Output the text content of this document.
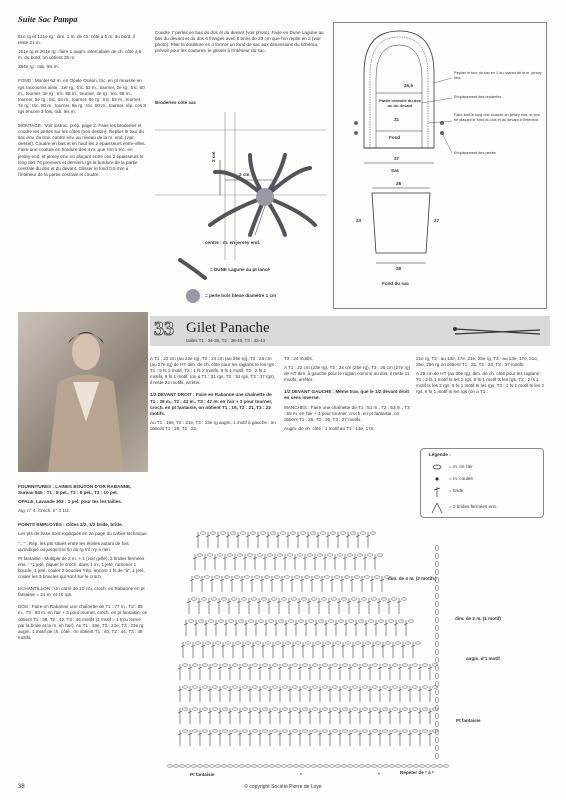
Suite Sac Pampa

81e rg et 121e rg : dim. 1 m. de ch. côté à 5 m. du bord, il reste 21 m.

161e rg et 201e rg : faire 1 augm. intercalaire de ch. côté à 5 m. du bord, on obtient 25 m.

284e rg : rab. les m.

FOND : Monter 62 m. en Opale Océan, tric. en pt mousse en rgs raccourcis ainsi : 1er rg : tric. 62 m., tourner, 2e rg : tric. 60 m., tourner, 3e rg : tric. 58 m., tourner, 4e rg : tric. 56 m., tourner, 5e rg : tric. 54 m., tourner, 6e rg : tric. 52 m., tourner, 7e rg : tric. 50 m., tourner, 8e rg : tric. 50 m., tourner, rép. ces 8 rgs encore 3 fois, rab. les m.

MONTAGE : Voir instruc. prép. page 2. Faire les broderies et coudre les perles sur les côtés (voir dessin). Replier le tour du sac env. du trav. contre env. au niveau de la m. end. (voir dessin). Coudre en bas et en haut les 2 épaisseurs entre-elles. Faire une couture en bordure des 4 m. que l'on a tric. en jersey end. et jersey env. en plaçant entre ces 2 épaisseurs le long des 76 premiers et derniers rgs la bordure de la partie centrale du dos et du devant. Glisser le fond 0,5 mm à l'intérieur de la partie centrale et coudre.

Coudre 7 perles en bas du dos et du devant (voir photo). Faire en Dune Lagune au bas du devant et du dos 6 franges avec 8 brins de 23 cm que l'on replie en 2 (voir photo). Plier la doublure en 4 former un fond de sac aux dimensions du schéma, prévoir pour les coutures, le glisser à l'intérieur du sac.

Broderies côté sac
2 cm
2 cm
centre : m. en jersey end.
= DUNE Lagune au pt lancé
= perle bois bleue diamètre 1 cm
25,5
Partie centrale du dos ou du devant
31
Fond
37
Sac
Replier le tour du sac en 2 au niveau de la m. jersey end.
Emplacement des broderies
Faire tout le long une couture en jersey end. et env. en plaçant le bord du dos et du devant à l'intérieur.
Emplacement des perles
26
23	27
28
Fond du sac
33 Gilet Panache
tailles T1 : 34-36, T2 : 38-40, T3 : 42-44

FOURNITURES : LAINES BOUTON D'OR RABANNE, Sureau 545 : T1 : 8 pel., T2 : 9 pel., T3 : 10 pel.

OPALE, Lavande 303 : 1 pel. pour tes les tailles.

Aig. n° 4. Croch. n° 3 1/2.

POINTS EMPLOYÉS : Côtes 2/2, 1/2 bride, bride.

Les pts de base sont expliqués en 2e page du cahier technique.

"..." : Rép. les pts situés entre les étoiles autant de fois qu'indiqué ou jusqu'à la fin du rg s'il n'y a rien.

Pt fantaisie : Multiple de 2 m. + 1 (voir grille). 2 brides fermées ens. : *1 jeté, piquer le croch. dans 1 m., 1 jeté, ramener 1 boucle, 1 jeté, couler 2 boucles *rép. encore 1 fs de "à", 1 jeté, couler les 3 boucles qui sont sur le croch.

ECHANTILLON : Un carré de 10 cm, croch. en Rabanne en pt fantaisie = 21 m. et 10 rgs.

DOS : Faire en Rabanne une chaînette de T1 : 77 m., T2 : 85 m., T3 : 93 m. en l'air + 3 pour tourner, croch. en pt fantaisie, on obtient T1 : 38, T2 : 42, T3 : 46 motifs (1 motif = 1 trou formé par la bride et la m. en l'air). Au T1 : 19e, T2 : 21e, T3 : 23e rg augm. 1 motif de ch. côté : on obtient T1 : 40, T2 : 44, T3 : 48 motifs.

A T1 : 22 cm (au 23e rg), T2 : 24 cm (au 25e rg), T3 : 26 cm (au 27e rg) de HT dim. de ch. côté pour les raglans te les rgs : T1 : 9 fs 1 motif, T2 : 1 fs 2 motifs, 9 fs 1 motif, T3 : 2 fs 2 motifs, 9 fs 1 motif, (on a T1 : 31 rgs, T2 : 34 rgs, T3 : 37 rgs), il reste 22 motifs, arrêter.

1/2 DEVANT DROIT : Faire en Rabanne une chaînette de T1 : 39 m., T2 : 43 m., T3 : 47 m. en l'air + 3 pour tourner, croch. en pt fantaisie, on obtient T1 : 19, T2 : 21, T3 : 23 motifs.

Au T1 : 19e, T2 : 21e, T3 : 23e rg augm. 1 motif à gauche : on obtient T1 : 20, T2 : 22,

T3 : 24 motifs.

A T1 : 22 cm (23e rg), T2 : 24 cm (25e rg), T3 : 26 cm (27e rg) de HT dim. à gauche pour le raglan comme au dos, il reste 11 motifs, arrêter.

1/2 DEVANT GAUCHE : Même trav. que le 1/2 devant droit en sens inverse.

MANCHES : Faire une chaînette de T1 : 51 m., T2 : 53 m., T3 : 55 m. en l'air + 3 pour tourner, croch. en pt fantaisie, on obtient T1 : 25, T2 : 26, T3 : 27 motifs.

Augm. de ch. côté : 1 motif au T1 : 13e, 17e,

21e rg, T2 : au 13e, 17e, 21e, 25e rg, T3 : au 13e, 17e, 21e, 25e, 29e rg on obtient T1 : 31, T2 : 34, T3 : 37 motifs.

A 29 cm de HT (au 30e rg), dim. de ch. côté pour les raglans : T1 : 2 fs 1 motif ts les 2 rgs, 5 fs 1 motif ts les rgs, T2 : 2 fs 1 motif ts les 2 rgs, 6 fs 1 motif ts les rgs, T3 : 1 fs 1 motif ts les 2 rgs, 9 fs 1 motif ts les rgs (on a T1 :

Légende :
= m. en l'air
= m. coulée
= bride
= 2 brides fermées ens.
dim. de 4 m. (2 motifs)
dim. de 2 m. (1 motif)
augm. d'1 motif
Pt fantaisie
Pt fantaisie	Répéter de * à *
*	*
38	© copyright Société Pierre de Loye
